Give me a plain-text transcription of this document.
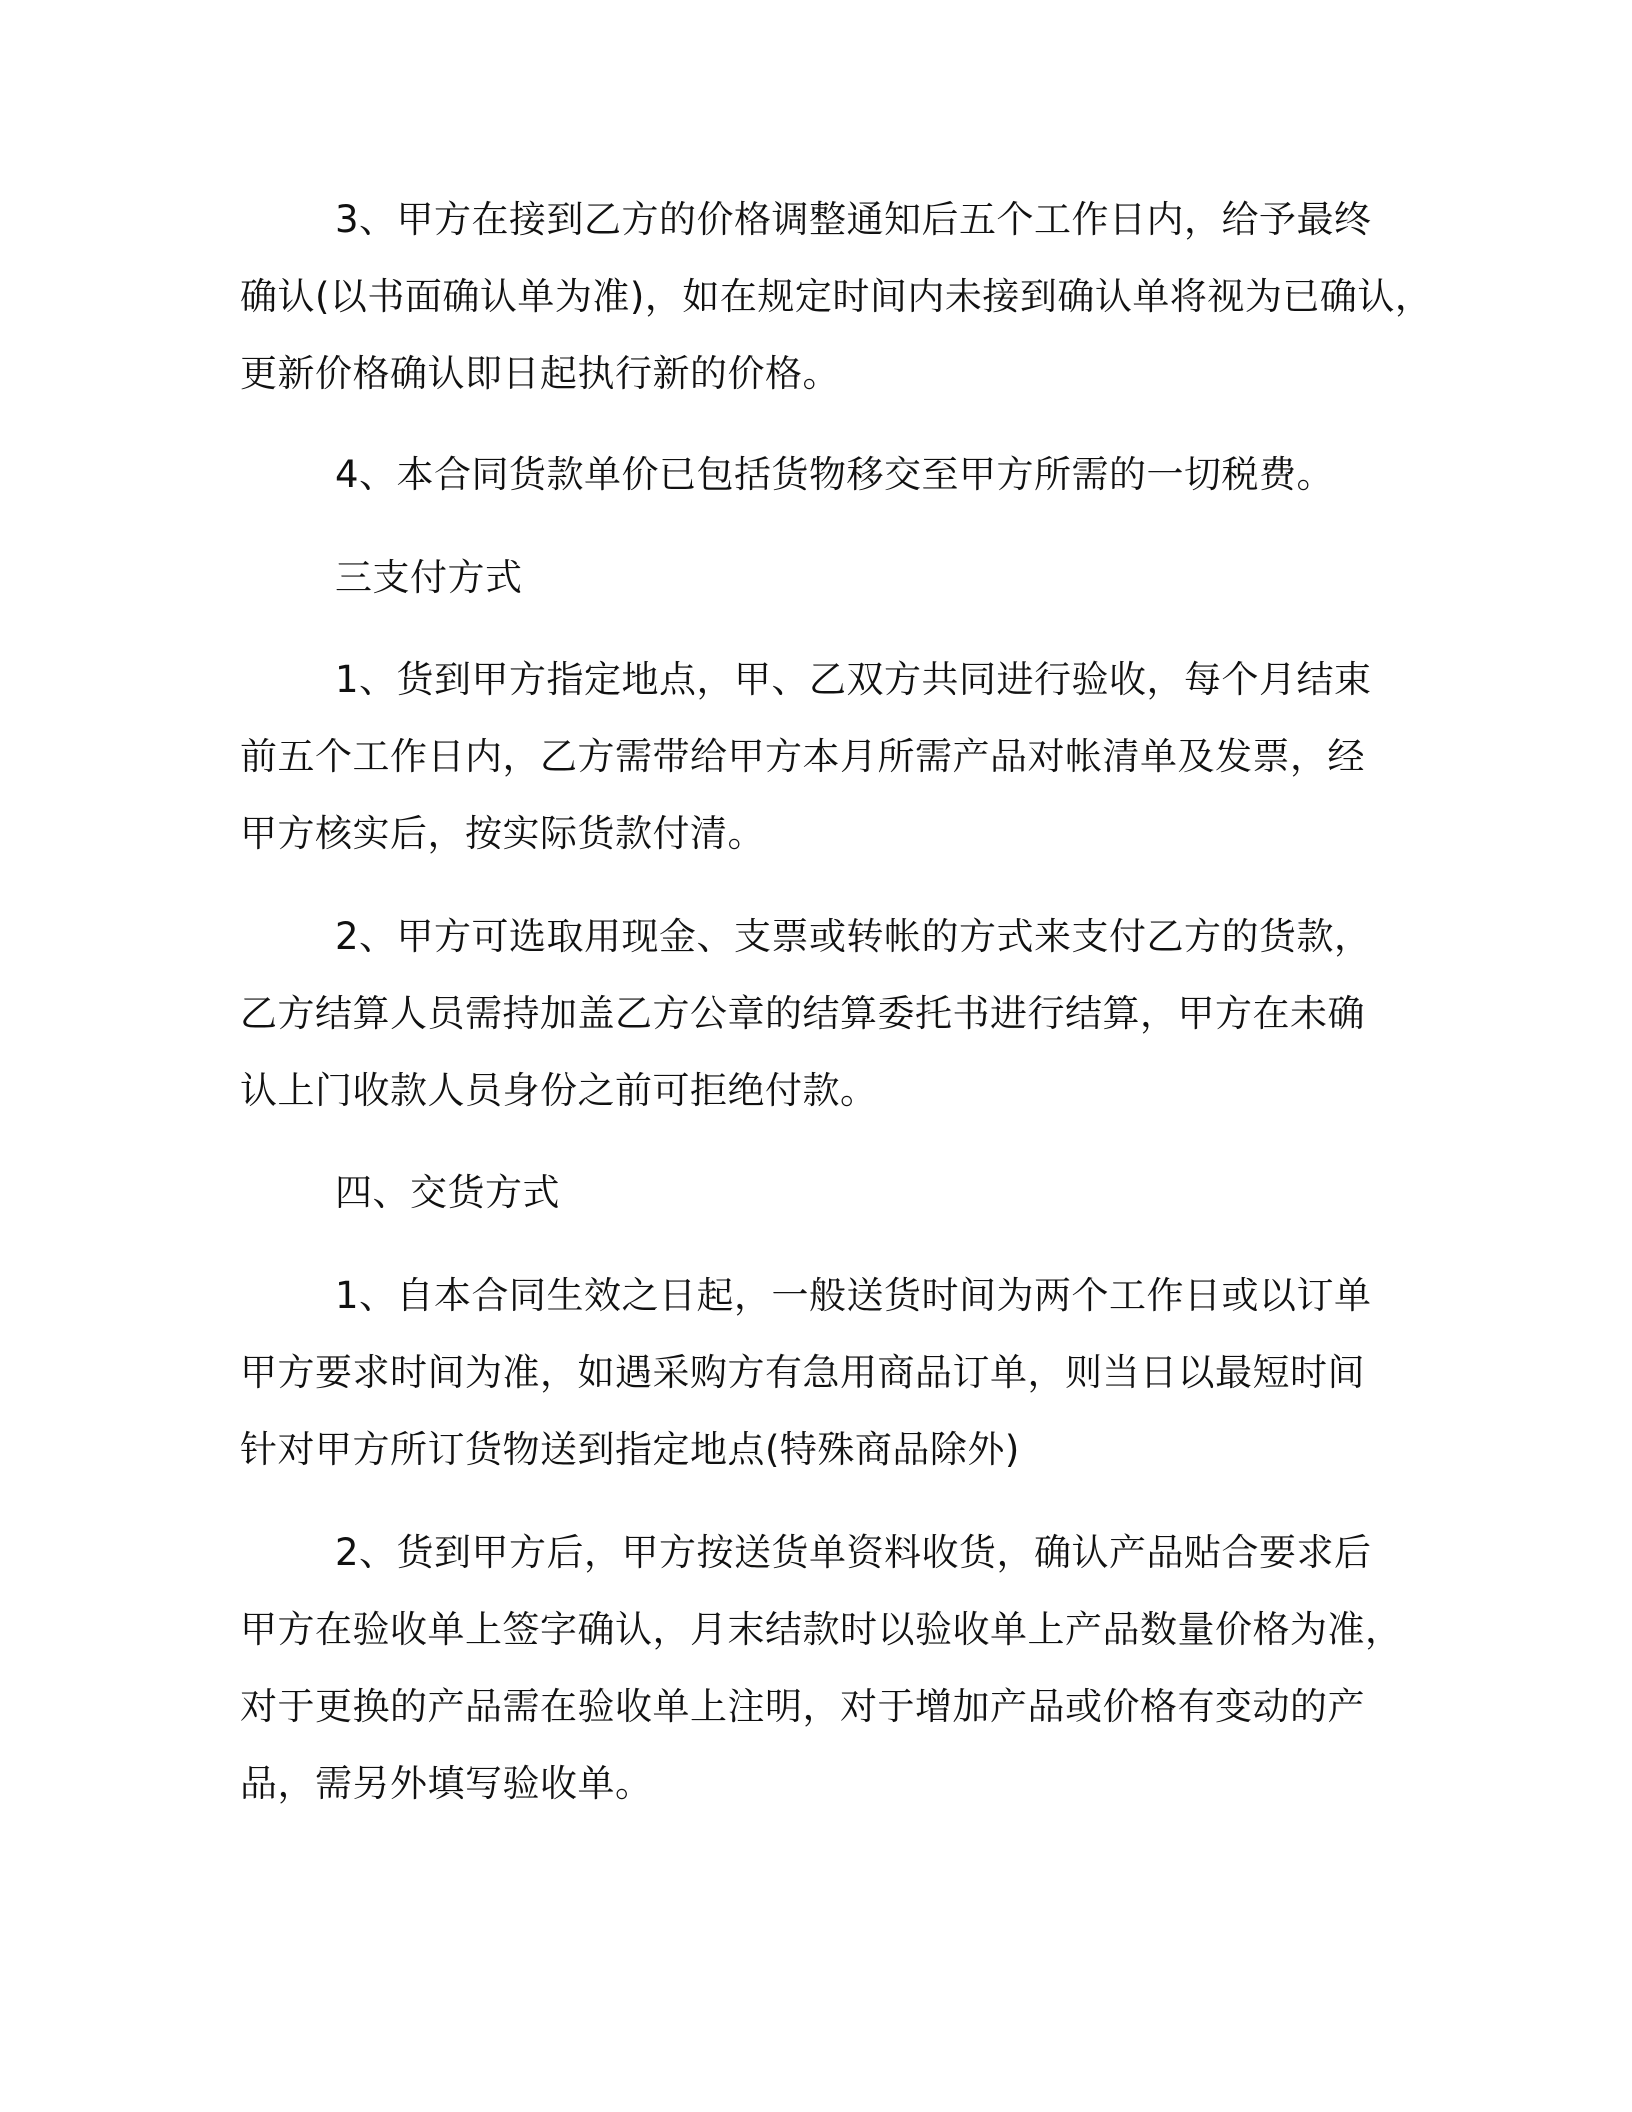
3、甲方在接到乙方的价格调整通知后五个工作日内，给予最终
确认(以书面确认单为准)，如在规定时间内未接到确认单将视为已确认，
更新价格确认即日起执行新的价格。
4、本合同货款单价已包括货物移交至甲方所需的一切税费。
三支付方式
1、货到甲方指定地点，甲、乙双方共同进行验收，每个月结束
前五个工作日内，乙方需带给甲方本月所需产品对帐清单及发票，经
甲方核实后，按实际货款付清。
2、甲方可选取用现金、支票或转帐的方式来支付乙方的货款，
乙方结算人员需持加盖乙方公章的结算委托书进行结算，甲方在未确
认上门收款人员身份之前可拒绝付款。
四、交货方式
1、自本合同生效之日起，一般送货时间为两个工作日或以订单
甲方要求时间为准，如遇采购方有急用商品订单，则当日以最短时间
针对甲方所订货物送到指定地点(特殊商品除外)
2、货到甲方后，甲方按送货单资料收货，确认产品贴合要求后
甲方在验收单上签字确认，月末结款时以验收单上产品数量价格为准，
对于更换的产品需在验收单上注明，对于增加产品或价格有变动的产
品，需另外填写验收单。
